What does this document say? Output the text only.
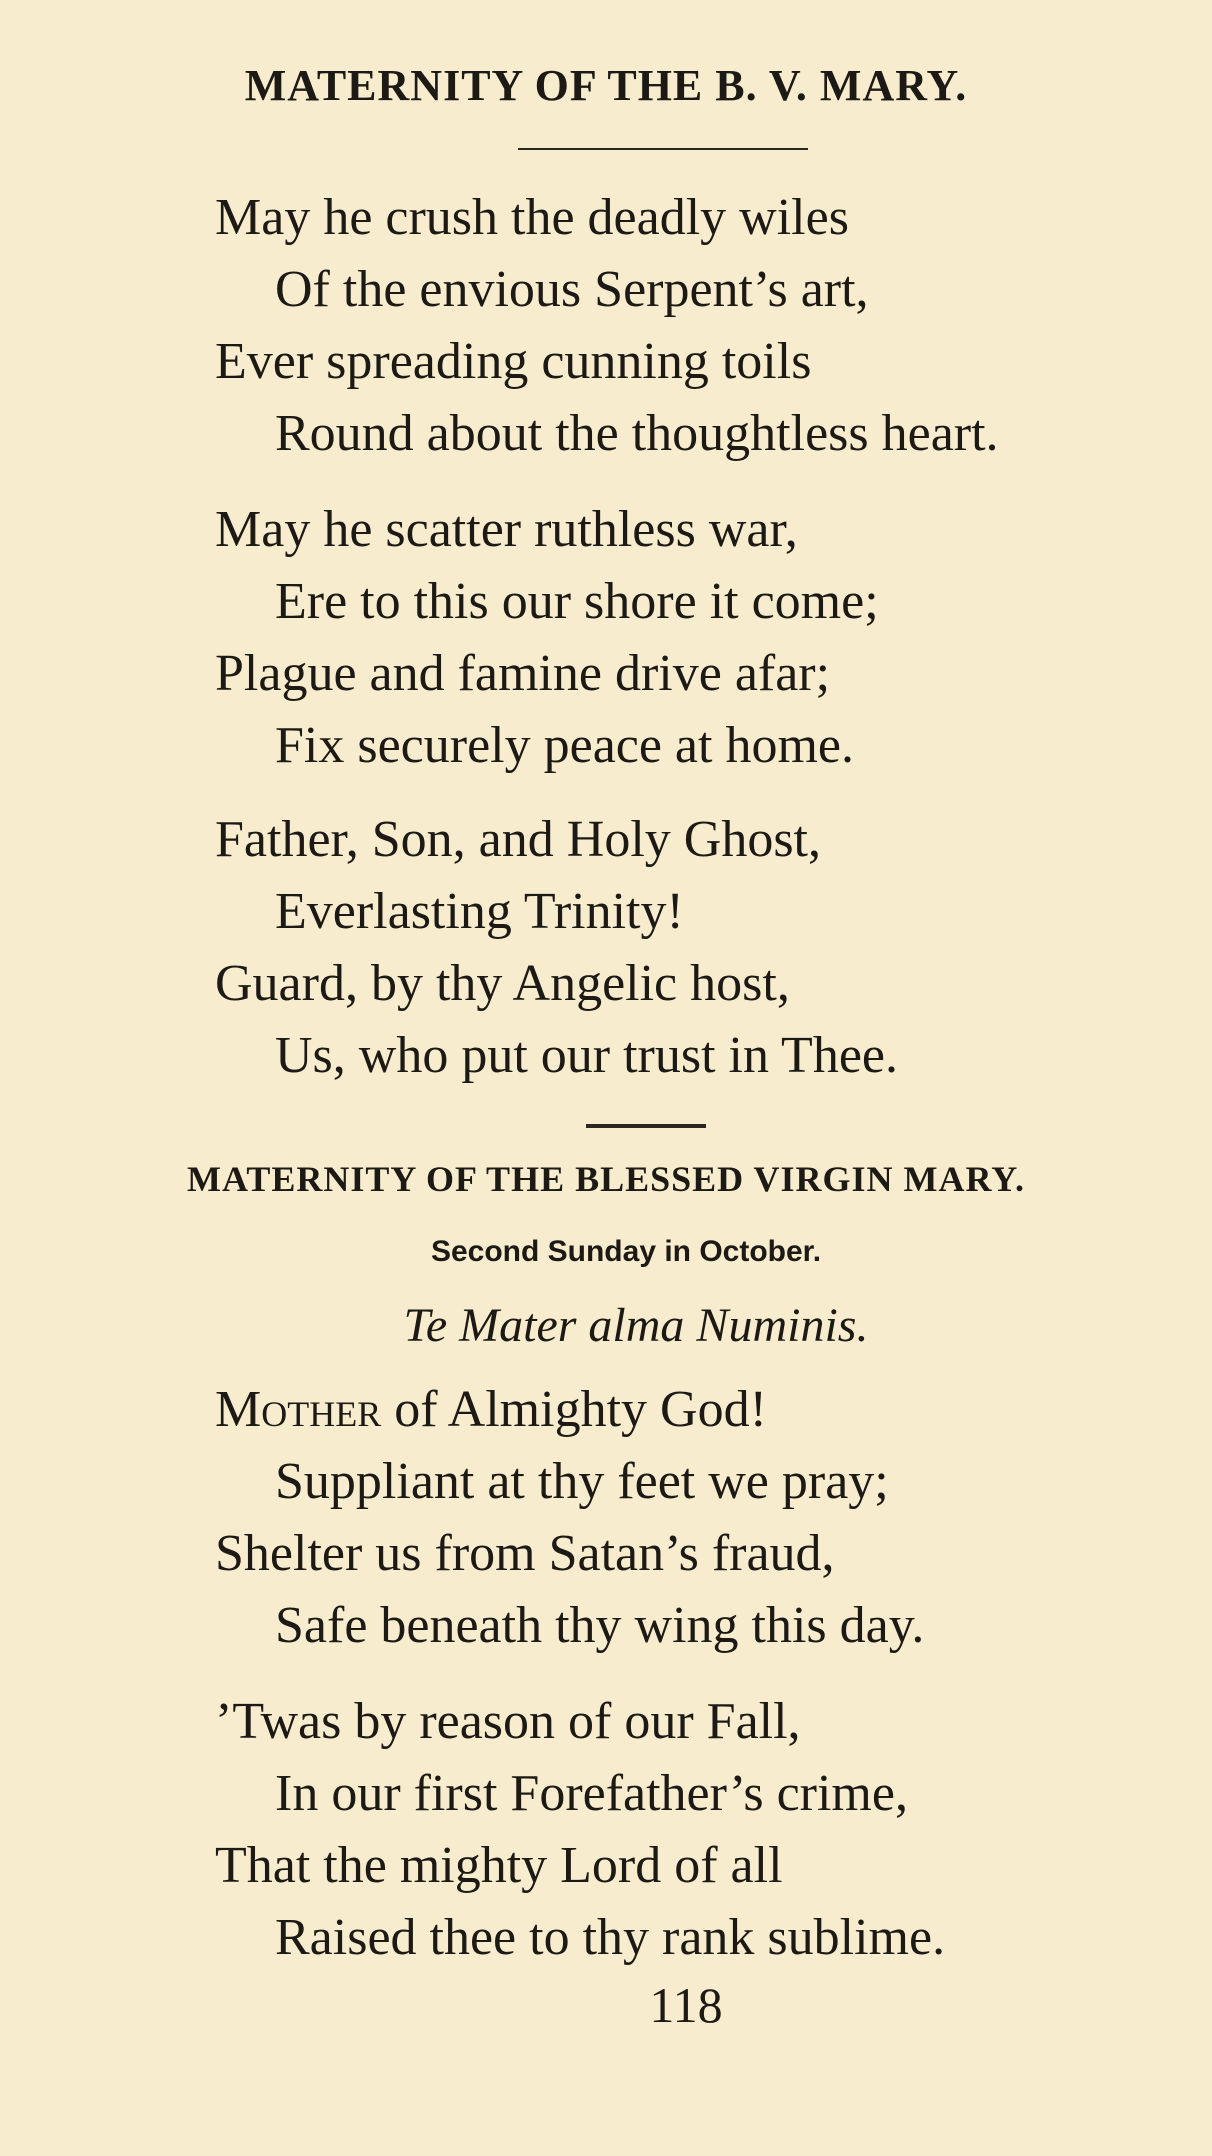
MATERNITY OF THE B. V. MARY.
May he crush the deadly wiles
Of the envious Serpent’s art,
Ever spreading cunning toils
Round about the thoughtless heart.
May he scatter ruthless war,
Ere to this our shore it come;
Plague and famine drive afar;
Fix securely peace at home.
Father, Son, and Holy Ghost,
Everlasting Trinity!
Guard, by thy Angelic host,
Us, who put our trust in Thee.
MATERNITY OF THE BLESSED VIRGIN MARY.
Second Sunday in October.
Te Mater alma Numinis.
Mother of Almighty God!
Suppliant at thy feet we pray;
Shelter us from Satan’s fraud,
Safe beneath thy wing this day.
’Twas by reason of our Fall,
In our first Forefather’s crime,
That the mighty Lord of all
Raised thee to thy rank sublime.
118
